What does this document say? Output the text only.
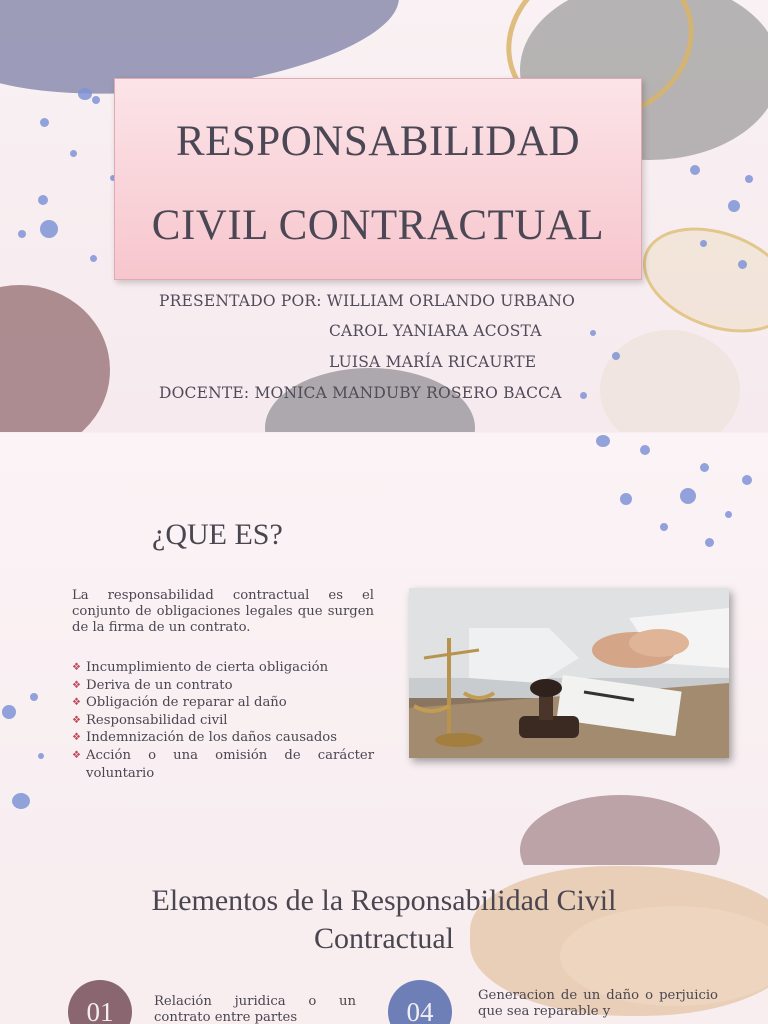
RESPONSABILIDAD
CIVIL CONTRACTUAL
PRESENTADO POR: WILLIAM ORLANDO URBANO
CAROL YANIARA ACOSTA
LUISA MARÍA RICAURTE
DOCENTE: MONICA MANDUBY ROSERO BACCA
¿QUE ES?
La responsabilidad contractual es el conjunto de obligaciones legales que surgen de la firma de un contrato.
❖ Incumplimiento de cierta obligación
❖ Deriva de un contrato
❖ Obligación de reparar al daño
❖ Responsabilidad civil
❖ Indemnización de los daños causados
❖ Acción o una omisión de carácter voluntario
Elementos de la Responsabilidad Civil
Contractual
01	Relación juridica o un contrato entre partes	04
Generacion de un daño o perjuicio que sea reparable y
